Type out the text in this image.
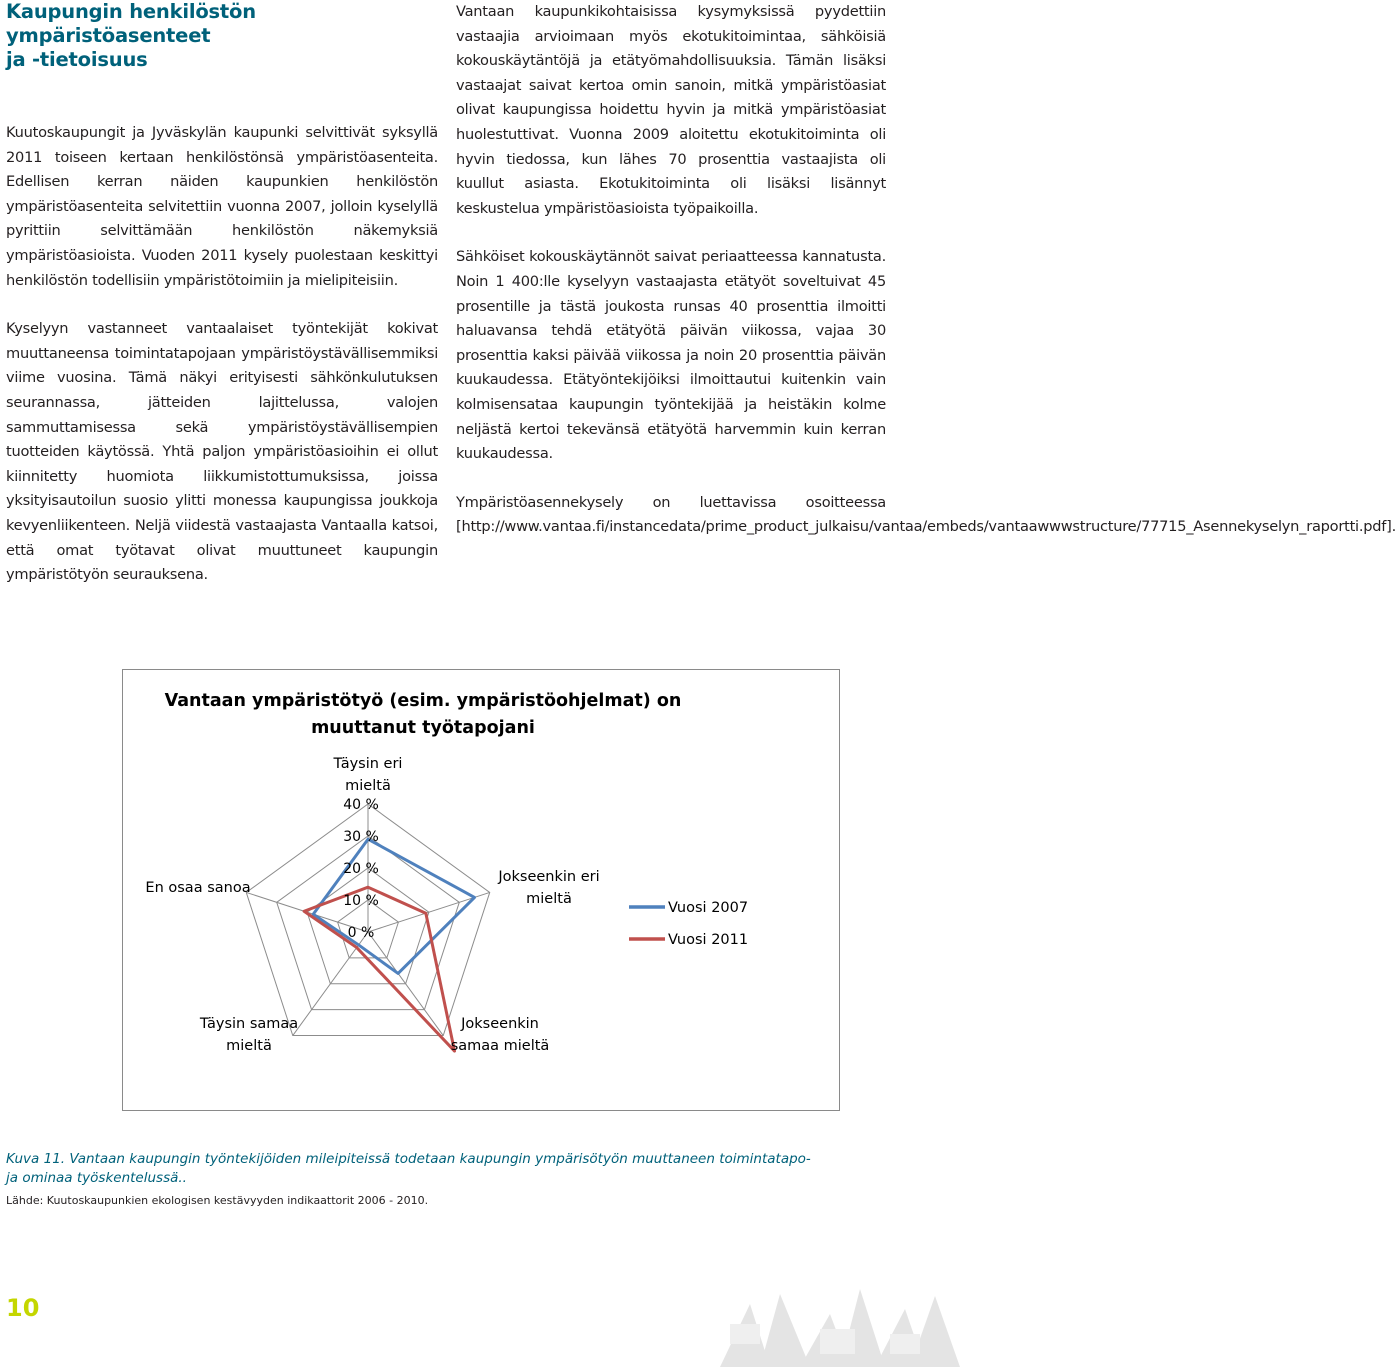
Kaupungin henkilöstön ympäristöasenteet
ja -tietoisuus

Kuutoskaupungit ja Jyväskylän kaupunki selvittivät syksyllä 2011 toiseen kertaan henkilöstönsä ympäristöasenteita. Edellisen kerran näiden kaupunkien henkilöstön ympäristöasenteita selvitettiin vuonna 2007, jolloin kyselyllä pyrittiin selvittämään henkilöstön näkemyksiä ympäristöasioista. Vuoden 2011 kysely puolestaan keskittyi henkilöstön todellisiin ympäristötoimiin ja mielipiteisiin.

Kyselyyn vastanneet vantaalaiset työntekijät kokivat muuttaneensa toimintatapojaan ympäristöystävällisemmiksi viime vuosina. Tämä näkyi erityisesti sähkönkulutuksen seurannassa, jätteiden lajittelussa, valojen sammuttamisessa sekä ympäristöystävällisempien tuotteiden käytössä. Yhtä paljon ympäristöasioihin ei ollut kiinnitetty huomiota liikkumistottumuksissa, joissa yksityisautoilun suosio ylitti monessa kaupungissa joukkoja kevyenliikenteen. Neljä viidestä vastaajasta Vantaalla katsoi, että omat työtavat olivat muuttuneet kaupungin ympäristötyön seurauksena.

Vantaan kaupunkikohtaisissa kysymyksissä pyydettiin vastaajia arvioimaan myös ekotukitoimintaa, sähköisiä kokouskäytäntöjä ja etätyömahdollisuuksia. Tämän lisäksi vastaajat saivat kertoa omin sanoin, mitkä ympäristöasiat olivat kaupungissa hoidettu hyvin ja mitkä ympäristöasiat huolestuttivat. Vuonna 2009 aloitettu ekotukitoiminta oli hyvin tiedossa, kun lähes 70 prosenttia vastaajista oli kuullut asiasta. Ekotukitoiminta oli lisäksi lisännyt keskustelua ympäristöasioista työpaikoilla.

Sähköiset kokouskäytännöt saivat periaatteessa kannatusta. Noin 1 400:lle kyselyyn vastaajasta etätyöt soveltuivat 45 prosentille ja tästä joukosta runsas 40 prosenttia ilmoitti haluavansa tehdä etätyötä päivän viikossa, vajaa 30 prosenttia kaksi päivää viikossa ja noin 20 prosenttia päivän kuukaudessa. Etätyöntekijöiksi ilmoittautui kuitenkin vain kolmisensataa kaupungin työntekijää ja heistäkin kolme neljästä kertoi tekevänsä etätyötä harvemmin kuin kerran kuukaudessa.

Ympäristöasennekysely on luettavissa osoitteessa [http://www.vantaa.fi/instancedata/prime_product_julkaisu/vantaa/embeds/vantaawwwstructure/77715_Asennekyselyn_raportti.pdf].

Vantaan ympäristötyö (esim. ympäristöohjelmat) on
muuttanut työtapojani
0 %
10 %
20 %
30 %
40 %
Täysin eri
mieltä
Jokseenkin eri
mieltä
Jokseenkin
samaa mieltä
Täysin samaa
mieltä
En osaa sanoa
Vuosi 2007
Vuosi 2011
Kuva 11. Vantaan kaupungin työntekijöiden mileipiteissä todetaan kaupungin ympärisötyön muuttaneen toimintatapo-
ja ominaa työskentelussä..
Lähde: Kuutoskaupunkien ekologisen kestävyyden indikaattorit 2006 - 2010.
10
